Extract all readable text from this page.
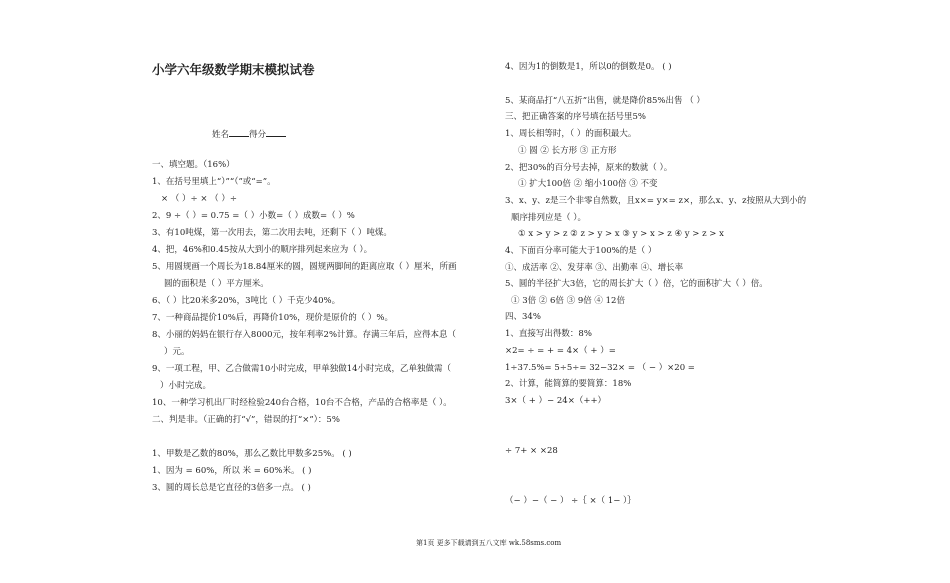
小学六年级数学期末模拟试卷
姓名 得分
一、填空题。（16%）
1、在括号里填上“）”“（”或“=”。
× （ ）÷ × （ ）÷
2、9 ÷（ ）= 0.75 =（ ）小数=（ ）成数=（ ）%
3、有10吨煤，第一次用去，第二次用去吨，还剩下（ ）吨煤。
4、把，46%和0.45按从大到小的顺序排列起来应为（ ）。
5、用圆规画一个周长为18.84厘米的圆，圆规两脚间的距离应取（ ）厘米，所画
圆的面积是（ ）平方厘米。
6、（ ）比20米多20%，3吨比（ ）千克少40%。
7、一种商品提价10%后，再降价10%，现价是原价的（ ）%。
8、小丽的妈妈在银行存入8000元，按年利率2%计算。存满三年后，应得本息（
）元。
9、一项工程，甲、乙合做需10小时完成，甲单独做14小时完成，乙单独做需（
）小时完成。
10、一种学习机出厂时经检验240台合格，10台不合格，产品的合格率是（ ）。
二、判是非。（正确的打“√”，错误的打“×”）：5%
1、甲数是乙数的80%，那么乙数比甲数多25%。 ( )
1、因为 = 60%，所以 米 = 60%米。 ( )
3、圆的周长总是它直径的3倍多一点。 ( )
4、因为1的倒数是1，所以0的倒数是0。 ( )
5、某商品打“八五折”出售，就是降价85%出售 （ ）
三、把正确答案的序号填在括号里5%
1、周长相等时，（ ）的面积最大。
① 圆 ② 长方形 ③ 正方形
2、把30%的百分号去掉，原来的数就（ ）。
① 扩大100倍 ② 缩小100倍 ③ 不变
3、x、y、z是三个非零自然数，且x×= y×= z×，那么x、y、z按照从大到小的
顺序排列应是（ ）。
① x > y > z ② z > y > x ③ y > x > z ④ y > z > x
4、下面百分率可能大于100%的是（ ）
①、成活率 ②、发芽率 ③、出勤率 ④、增长率
5、圆的半径扩大3倍，它的周长扩大（ ）倍，它的面积扩大（ ）倍。
① 3倍 ② 6倍 ③ 9倍 ④ 12倍
四、34%
1、直接写出得数：8%
×2= ÷ = + = 4×（ + ）=
1÷37.5%= 5÷5÷= 32−32× = （ − ）×20 =
2、计算，能简算的要简算：18%
3×（ + ）− 24×（++）
÷ 7+ × ×28
（− ）−（ − ） ÷｛ ×（ 1− ）｝
第1页 更多下载请到五八文库 wk.58sms.com
